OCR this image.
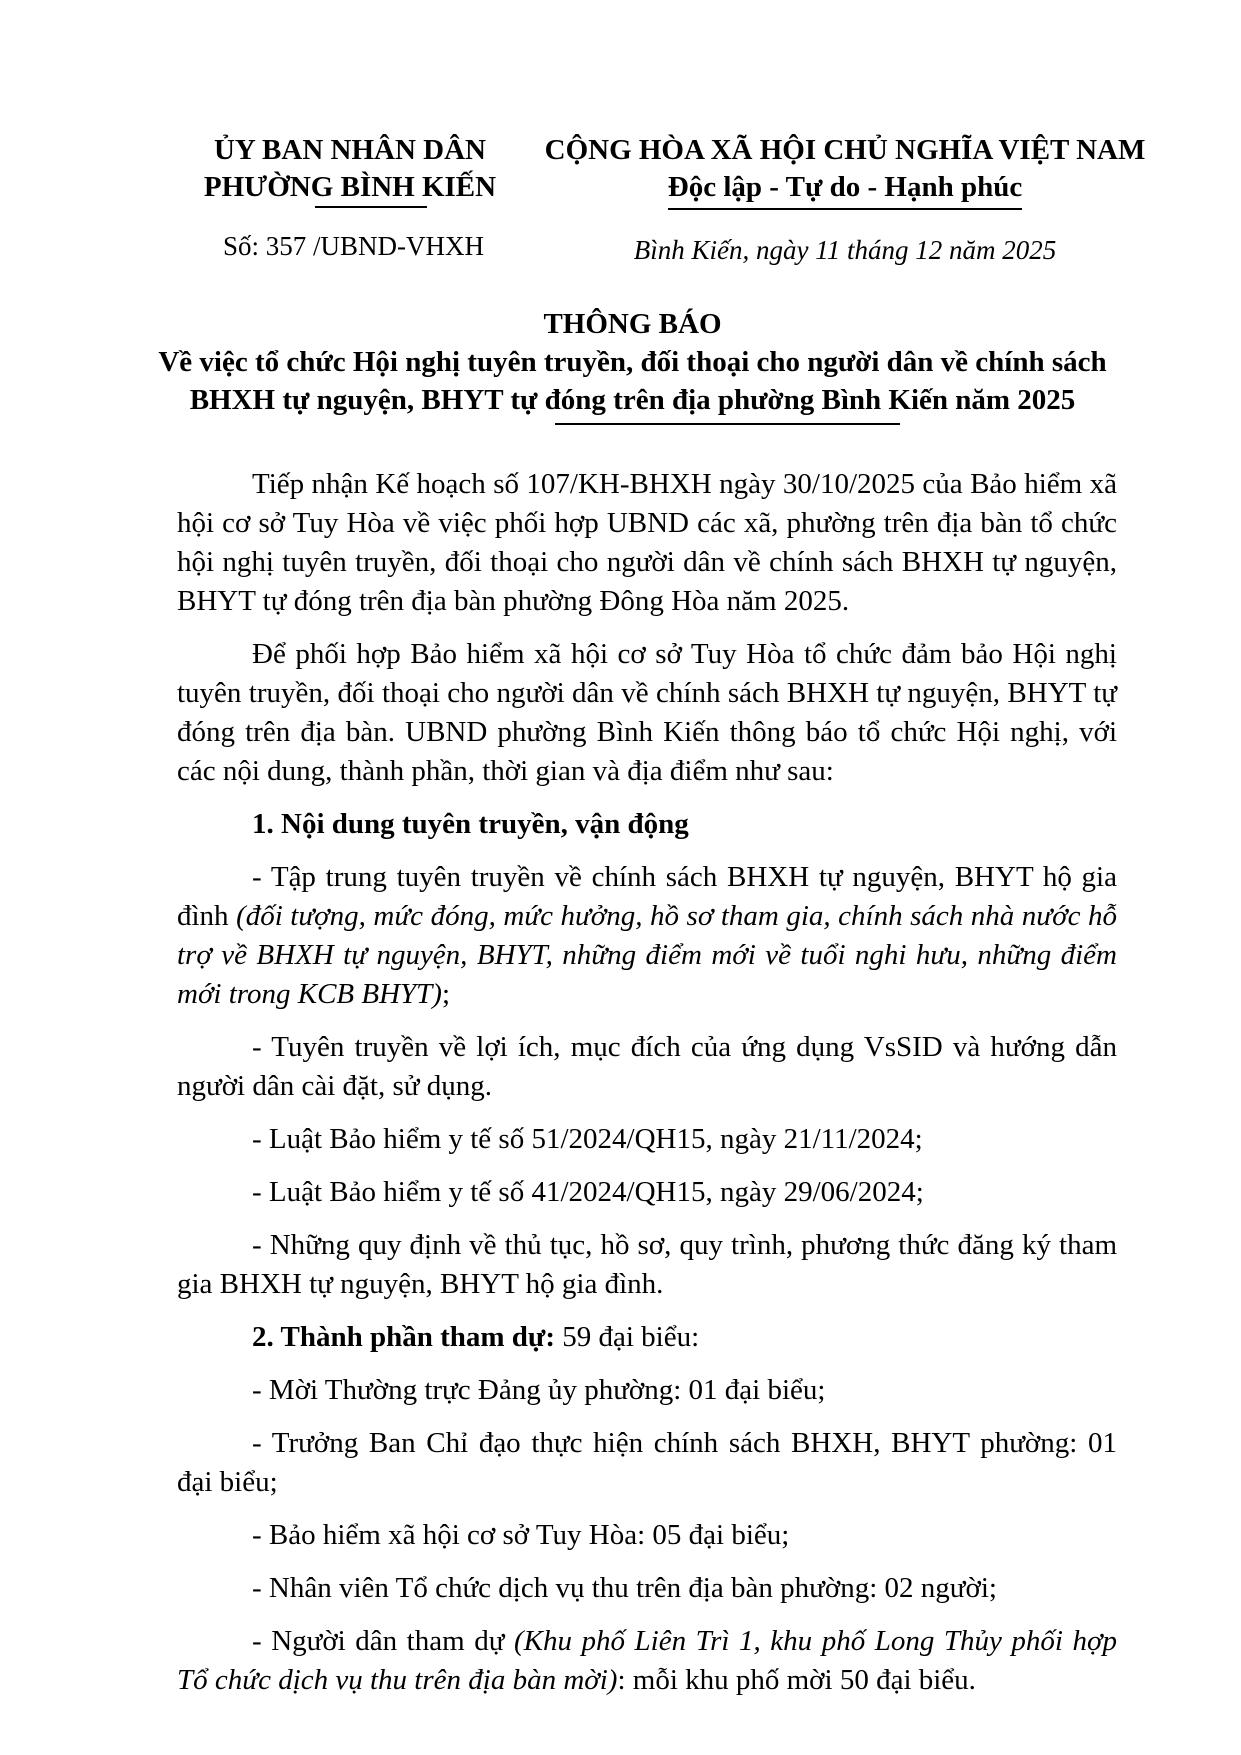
ỦY BAN NHÂN DÂN
PHƯỜNG BÌNH KIẾN
Số: 357 /UBND-VHXH
CỘNG HÒA XÃ HỘI CHỦ NGHĨA VIỆT NAM
Độc lập - Tự do - Hạnh phúc
Bình Kiến, ngày 11 tháng 12 năm 2025
THÔNG BÁO
Về việc tổ chức Hội nghị tuyên truyền, đối thoại cho người dân về chính sách
BHXH tự nguyện, BHYT tự đóng trên địa phường Bình Kiến năm 2025

Tiếp nhận Kế hoạch số 107/KH-BHXH ngày 30/10/2025 của Bảo hiểm xã hội cơ sở Tuy Hòa về việc phối hợp UBND các xã, phường trên địa bàn tổ chức hội nghị tuyên truyền, đối thoại cho người dân về chính sách BHXH tự nguyện, BHYT tự đóng trên địa bàn phường Đông Hòa năm 2025.

Để phối hợp Bảo hiểm xã hội cơ sở Tuy Hòa tổ chức đảm bảo Hội nghị tuyên truyền, đối thoại cho người dân về chính sách BHXH tự nguyện, BHYT tự đóng trên địa bàn. UBND phường Bình Kiến thông báo tổ chức Hội nghị, với các nội dung, thành phần, thời gian và địa điểm như sau:

1. Nội dung tuyên truyền, vận động

- Tập trung tuyên truyền về chính sách BHXH tự nguyện, BHYT hộ gia đình (đối tượng, mức đóng, mức hưởng, hồ sơ tham gia, chính sách nhà nước hỗ trợ về BHXH tự nguyện, BHYT, những điểm mới về tuổi nghi hưu, những điểm mới trong KCB BHYT);

- Tuyên truyền về lợi ích, mục đích của ứng dụng VsSID và hướng dẫn người dân cài đặt, sử dụng.

- Luật Bảo hiểm y tế số 51/2024/QH15, ngày 21/11/2024;

- Luật Bảo hiểm y tế số 41/2024/QH15, ngày 29/06/2024;

- Những quy định về thủ tục, hồ sơ, quy trình, phương thức đăng ký tham gia BHXH tự nguyện, BHYT hộ gia đình.

2. Thành phần tham dự: 59 đại biểu:

- Mời Thường trực Đảng ủy phường: 01 đại biểu;

- Trưởng Ban Chỉ đạo thực hiện chính sách BHXH, BHYT phường: 01 đại biểu;

- Bảo hiểm xã hội cơ sở Tuy Hòa: 05 đại biểu;

- Nhân viên Tổ chức dịch vụ thu trên địa bàn phường: 02 người;

- Người dân tham dự (Khu phố Liên Trì 1, khu phố Long Thủy phối hợp Tổ chức dịch vụ thu trên địa bàn mời): mỗi khu phố mời 50 đại biểu.
